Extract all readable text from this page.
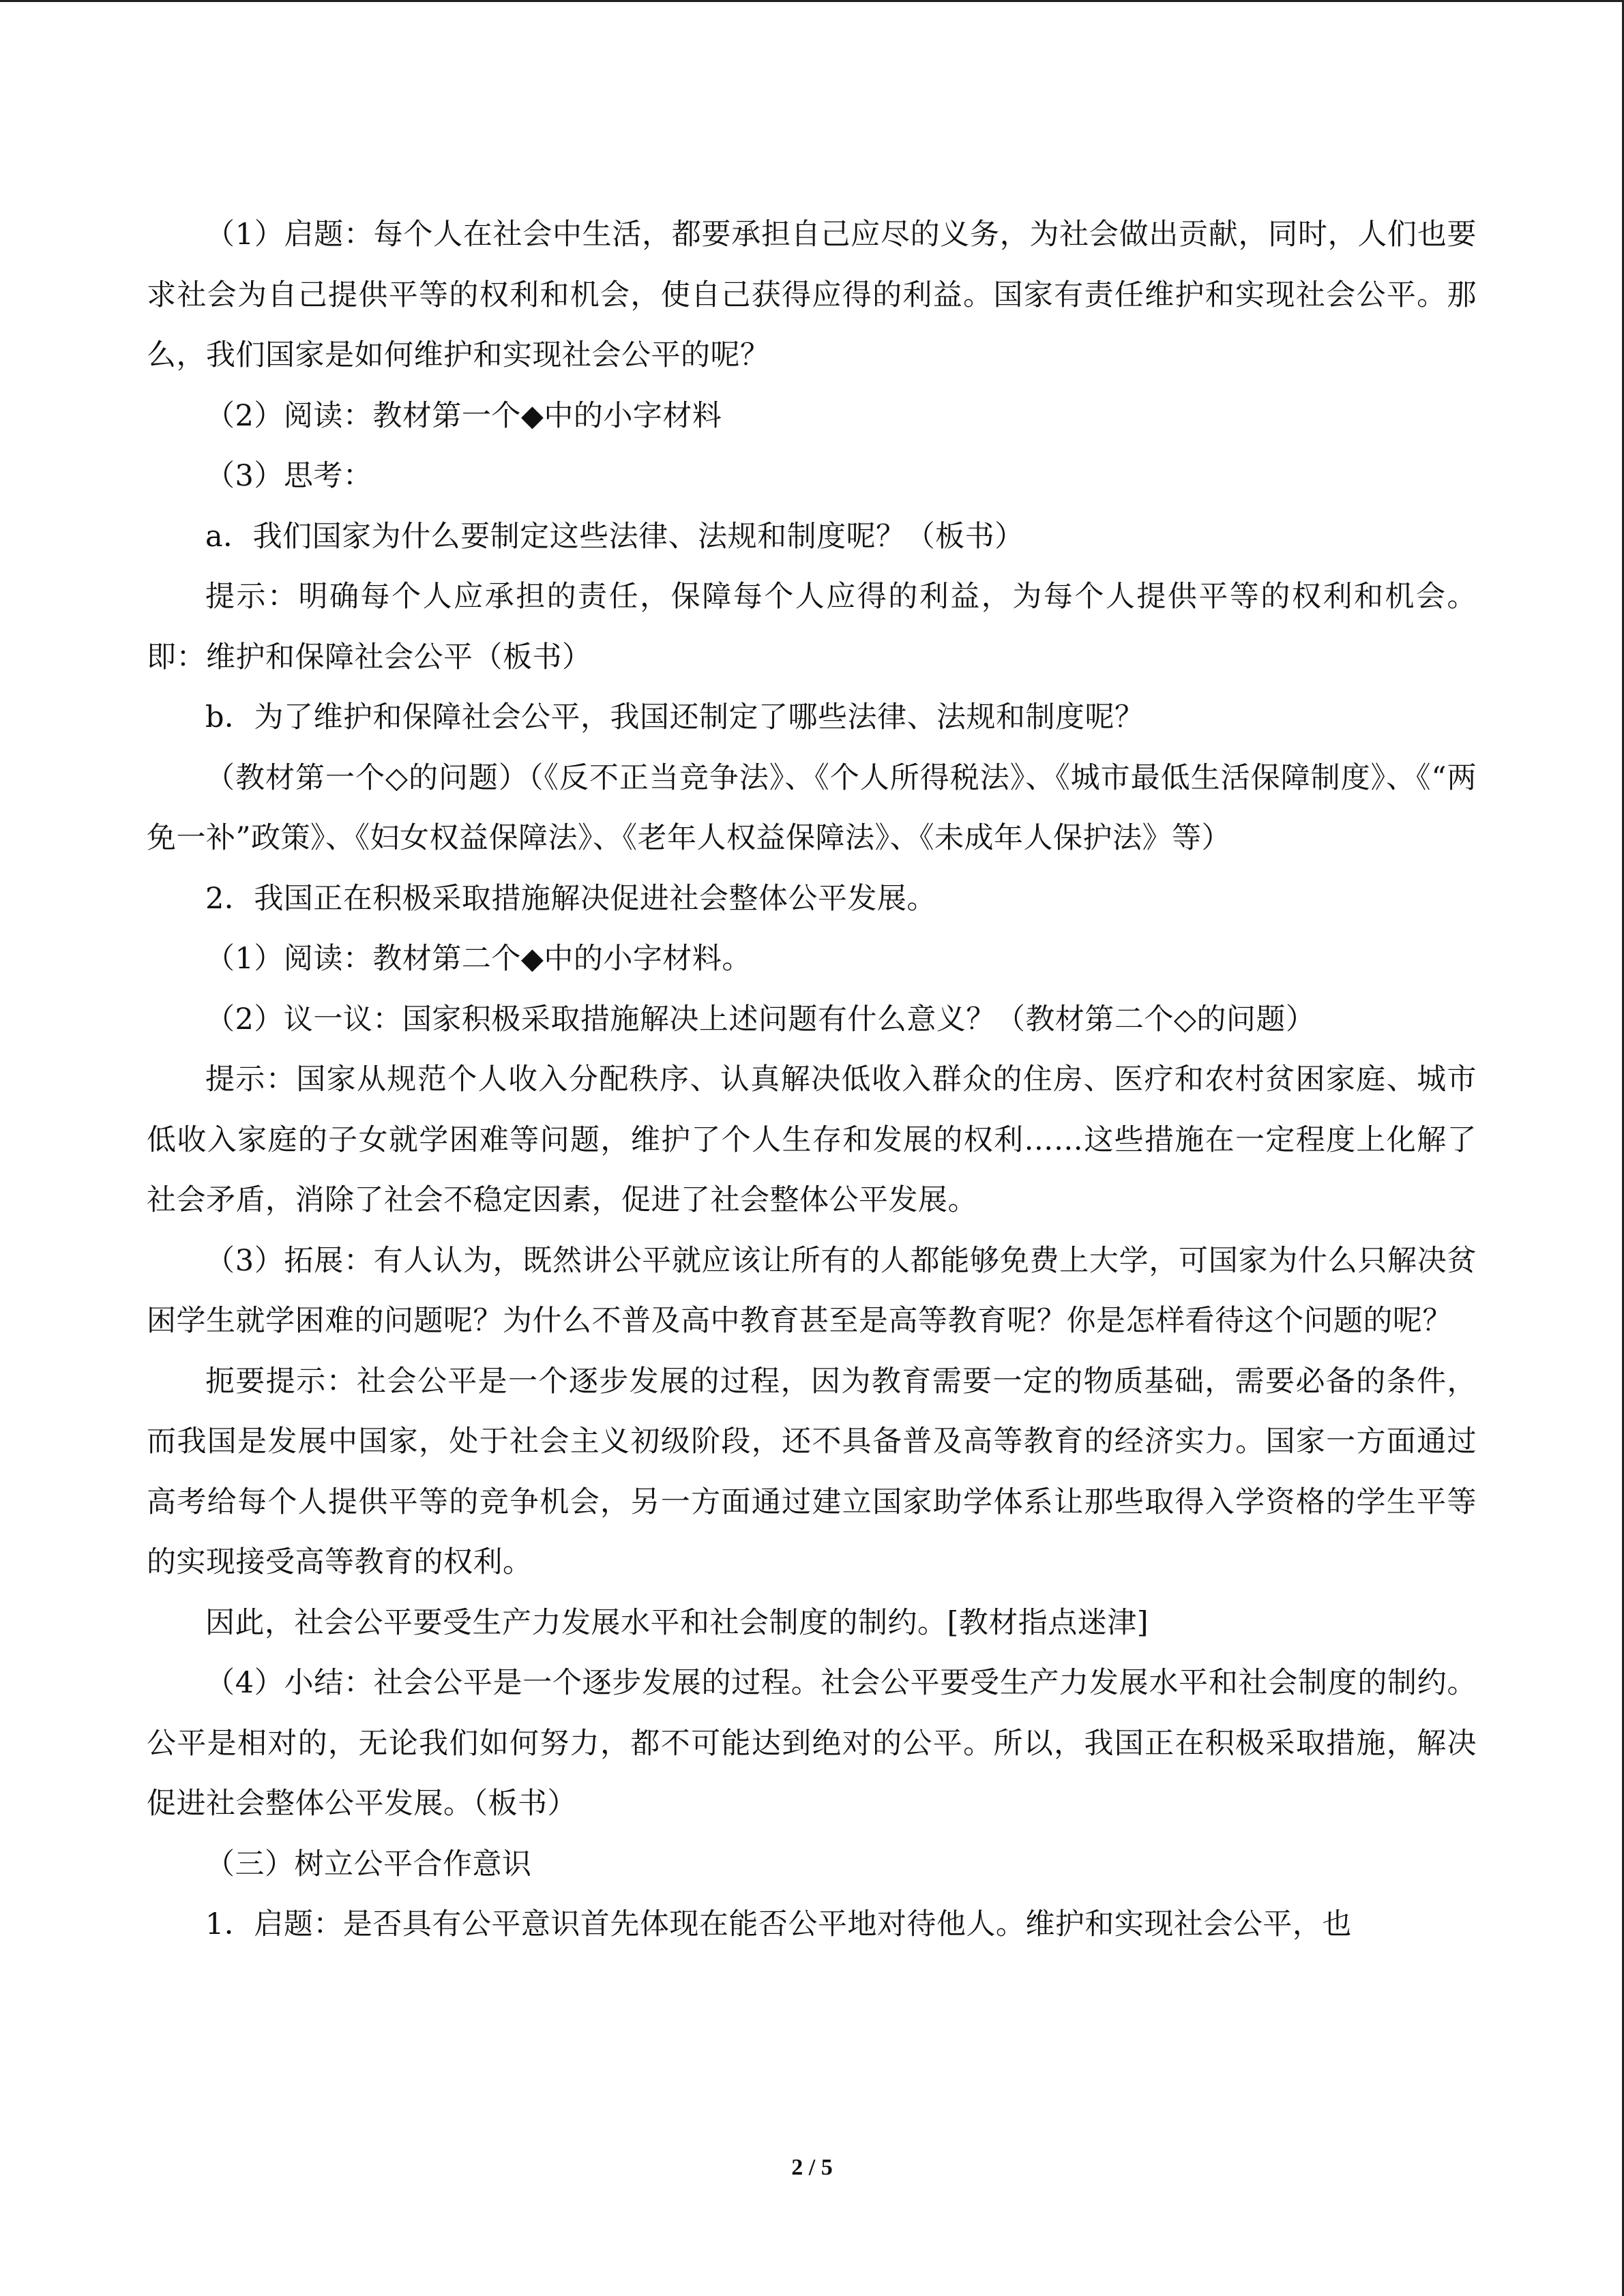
（1）启题：每个人在社会中生活，都要承担自己应尽的义务，为社会做出贡献，同时，人们也要求社会为自己提供平等的权利和机会，使自己获得应得的利益。国家有责任维护和实现社会公平。那么，我们国家是如何维护和实现社会公平的呢？

（2）阅读：教材第一个◆中的小字材料

（3）思考：

a．我们国家为什么要制定这些法律、法规和制度呢？（板书）

提示：明确每个人应承担的责任，保障每个人应得的利益，为每个人提供平等的权利和机会。即：维护和保障社会公平（板书）

b．为了维护和保障社会公平，我国还制定了哪些法律、法规和制度呢？

（教材第一个◇的问题）（《反不正当竞争法》、《个人所得税法》、《城市最低生活保障制度》、《“两免一补”政策》、《妇女权益保障法》、《老年人权益保障法》、《未成年人保护法》等）

2．我国正在积极采取措施解决促进社会整体公平发展。

（1）阅读：教材第二个◆中的小字材料。

（2）议一议：国家积极采取措施解决上述问题有什么意义？（教材第二个◇的问题）

提示：国家从规范个人收入分配秩序、认真解决低收入群众的住房、医疗和农村贫困家庭、城市低收入家庭的子女就学困难等问题，维护了个人生存和发展的权利……这些措施在一定程度上化解了社会矛盾，消除了社会不稳定因素，促进了社会整体公平发展。

（3）拓展：有人认为，既然讲公平就应该让所有的人都能够免费上大学，可国家为什么只解决贫困学生就学困难的问题呢？为什么不普及高中教育甚至是高等教育呢？你是怎样看待这个问题的呢？

扼要提示：社会公平是一个逐步发展的过程，因为教育需要一定的物质基础，需要必备的条件，而我国是发展中国家，处于社会主义初级阶段，还不具备普及高等教育的经济实力。国家一方面通过高考给每个人提供平等的竞争机会，另一方面通过建立国家助学体系让那些取得入学资格的学生平等的实现接受高等教育的权利。

因此，社会公平要受生产力发展水平和社会制度的制约。[教材指点迷津]

（4）小结：社会公平是一个逐步发展的过程。社会公平要受生产力发展水平和社会制度的制约。公平是相对的，无论我们如何努力，都不可能达到绝对的公平。所以，我国正在积极采取措施，解决促进社会整体公平发展。（板书）

（三）树立公平合作意识

1．启题：是否具有公平意识首先体现在能否公平地对待他人。维护和实现社会公平，也

2 / 5
